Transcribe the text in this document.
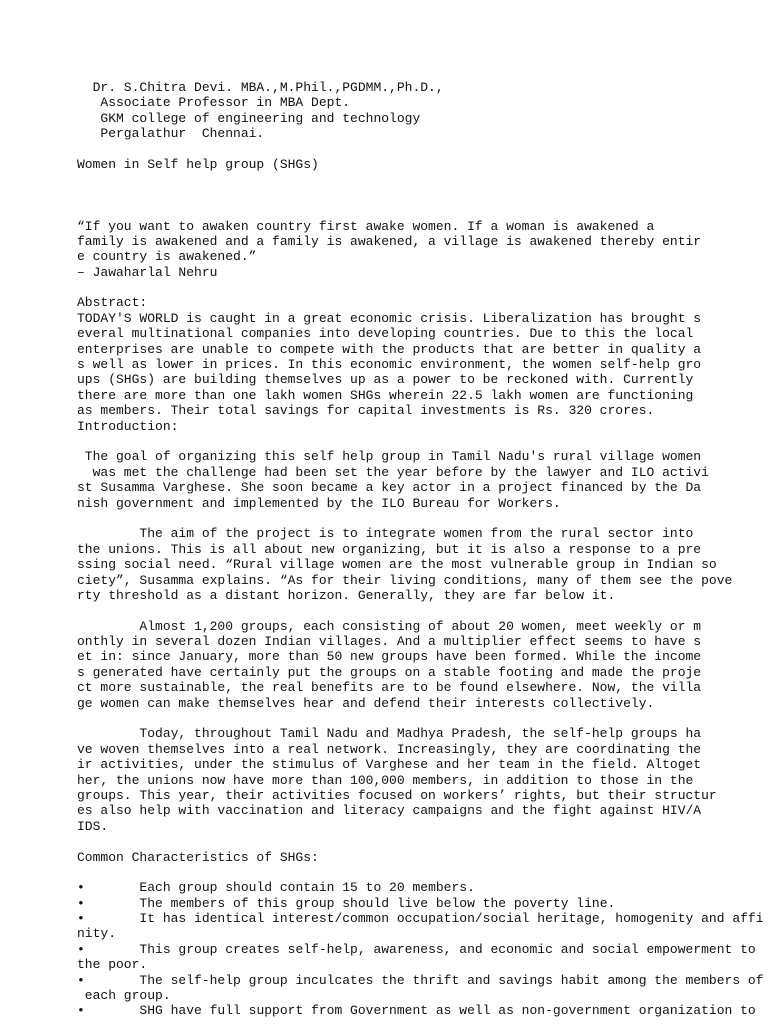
Dr. S.Chitra Devi. MBA.,M.Phil.,PGDMM.,Ph.D.,
Associate Professor in MBA Dept.
GKM college of engineering and technology
Pergalathur  Chennai.
Women in Self help group (SHGs)
“If you want to awaken country first awake women. If a woman is awakened a
family is awakened and a family is awakened, a village is awakened thereby entir
e country is awakened.”
– Jawaharlal Nehru
Abstract:
TODAY'S WORLD is caught in a great economic crisis. Liberalization has brought s
everal multinational companies into developing countries. Due to this the local
enterprises are unable to compete with the products that are better in quality a
s well as lower in prices. In this economic environment, the women self-help gro
ups (SHGs) are building themselves up as a power to be reckoned with. Currently
there are more than one lakh women SHGs wherein 22.5 lakh women are functioning
as members. Their total savings for capital investments is Rs. 320 crores.
Introduction:
The goal of organizing this self help group in Tamil Nadu's rural village women
was met the challenge had been set the year before by the lawyer and ILO activi
st Susamma Varghese. She soon became a key actor in a project financed by the Da
nish government and implemented by the ILO Bureau for Workers.
The aim of the project is to integrate women from the rural sector into
the unions. This is all about new organizing, but it is also a response to a pre
ssing social need. “Rural village women are the most vulnerable group in Indian so
ciety”, Susamma explains. “As for their living conditions, many of them see the pove
rty threshold as a distant horizon. Generally, they are far below it.
Almost 1,200 groups, each consisting of about 20 women, meet weekly or m
onthly in several dozen Indian villages. And a multiplier effect seems to have s
et in: since January, more than 50 new groups have been formed. While the income
s generated have certainly put the groups on a stable footing and made the proje
ct more sustainable, the real benefits are to be found elsewhere. Now, the villa
ge women can make themselves hear and defend their interests collectively.
Today, throughout Tamil Nadu and Madhya Pradesh, the self-help groups ha
ve woven themselves into a real network. Increasingly, they are coordinating the
ir activities, under the stimulus of Varghese and her team in the field. Altoget
her, the unions now have more than 100,000 members, in addition to those in the
groups. This year, their activities focused on workers’ rights, but their structur
es also help with vaccination and literacy campaigns and the fight against HIV/A
IDS.
Common Characteristics of SHGs:
•       Each group should contain 15 to 20 members.
•       The members of this group should live below the poverty line.
•       It has identical interest/common occupation/social heritage, homogenity and affi
nity.
•       This group creates self-help, awareness, and economic and social empowerment to
the poor.
•       The self-help group inculcates the thrift and savings habit among the members of
each group.
•       SHG have full support from Government as well as non-government organization to
